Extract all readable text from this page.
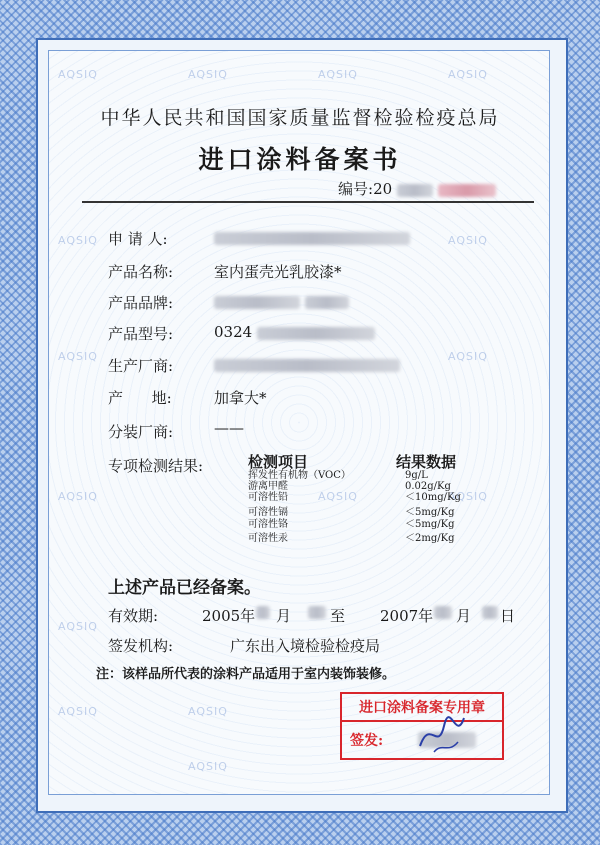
AQSIQ	AQSIQ	AQSIQ	AQSIQ
AQSIQ	AQSIQ
AQSIQ	AQSIQ
AQSIQ	AQSIQ	AQSIQ
AQSIQ
AQSIQ
AQSIQ
AQSIQ
中华人民共和国国家质量监督检验检疫总局
进口涂料备案书
编号:20
申 请 人:
产品名称:	室内蛋壳光乳胶漆*
产品品牌:

产品型号:	0324
生产厂商:
产      地:	加拿大*
分装厂商:	——
专项检测结果:	检测项目	结果数据
挥发性有机物（VOC）	9g/L
游离甲醛	0.02g/Kg
可溶性铅	＜10mg/Kg
可溶性镉	＜5mg/Kg
可溶性铬	＜5mg/Kg
可溶性汞	＜2mg/Kg
上述产品已经备案。
有效期:	2005年 月	至 2007年 月 日
签发机构:	广东出入境检验检疫局
注：该样品所代表的涂料产品适用于室内装饰装修。
进口涂料备案专用章
签发:
